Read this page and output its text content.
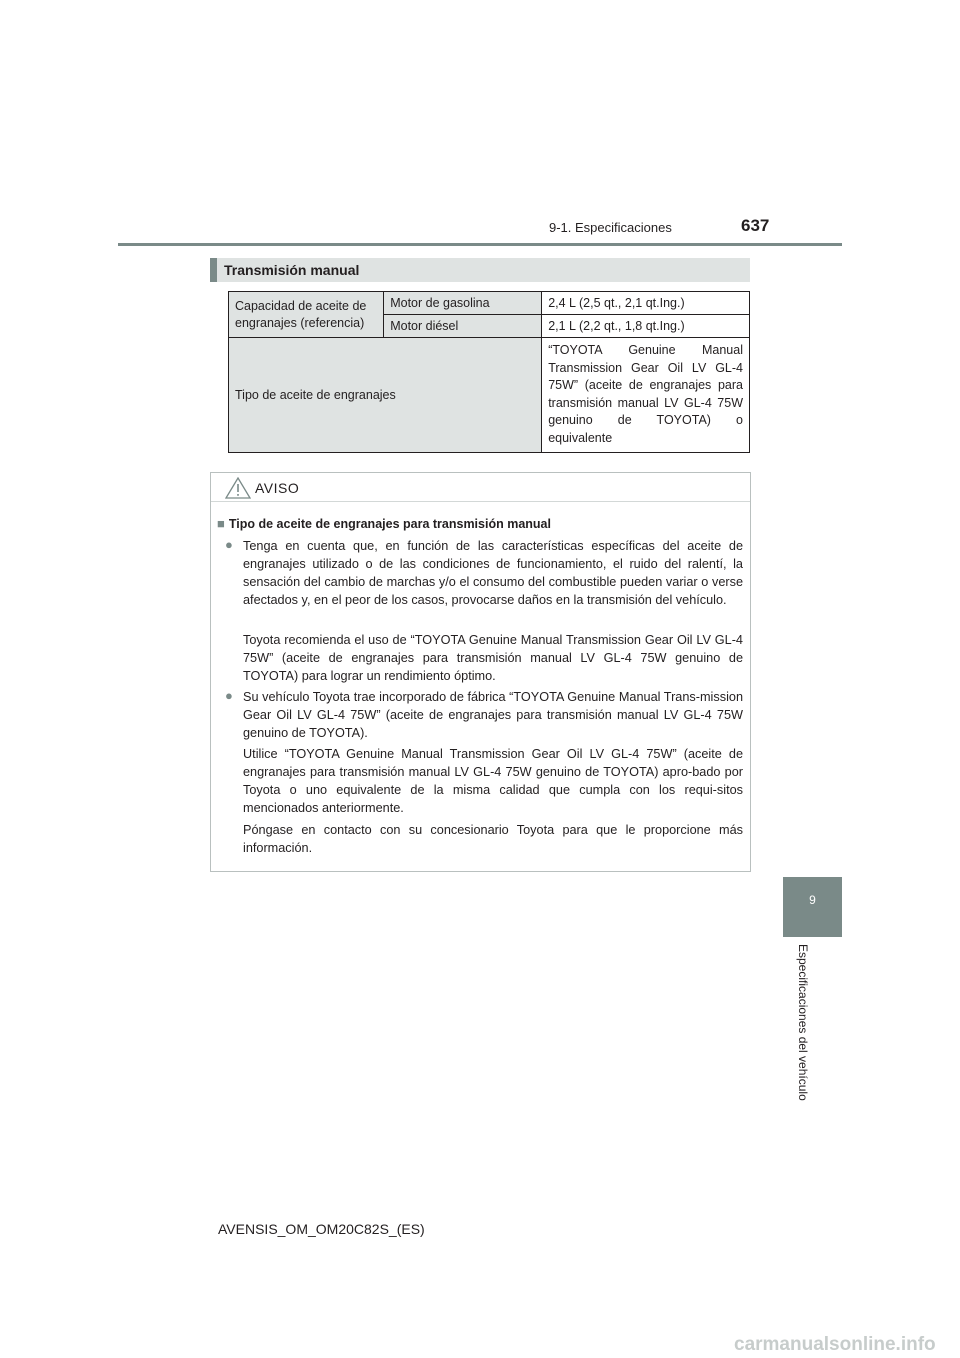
9-1. Especificaciones	637
9
Especificaciones del vehículo
Transmisión manual
Capacidad de aceite de engranajes (referencia)	Motor de gasolina	2,4 L (2,5 qt., 2,1 qt.Ing.)
	Motor diésel	2,1 L (2,2 qt., 1,8 qt.Ing.)
Tipo de aceite de engranajes		“TOYOTA Genuine Manual Transmission Gear Oil LV GL-4 75W” (aceite de engranajes para transmisión manual LV GL-4 75W genuino de TOYOTA) o equivalente
AVISO
■ Tipo de aceite de engranajes para transmisión manual
● Tenga en cuenta que, en función de las características específicas del aceite de engranajes utilizado o de las condiciones de funcionamiento, el ruido del ralentí, la sensación del cambio de marchas y/o el consumo del combustible pueden variar o verse afectados y, en el peor de los casos, provocarse daños en la transmisión del vehículo.
Toyota recomienda el uso de “TOYOTA Genuine Manual Transmission Gear Oil LV GL-4 75W” (aceite de engranajes para transmisión manual LV GL-4 75W genuino de TOYOTA) para lograr un rendimiento óptimo.
● Su vehículo Toyota trae incorporado de fábrica “TOYOTA Genuine Manual Trans-mission Gear Oil LV GL-4 75W” (aceite de engranajes para transmisión manual LV GL-4 75W genuino de TOYOTA).
Utilice “TOYOTA Genuine Manual Transmission Gear Oil LV GL-4 75W” (aceite de engranajes para transmisión manual LV GL-4 75W genuino de TOYOTA) apro-bado por Toyota o uno equivalente de la misma calidad que cumpla con los requi-sitos mencionados anteriormente.
Póngase en contacto con su concesionario Toyota para que le proporcione más información.
AVENSIS_OM_OM20C82S_(ES)
carmanualsonline.info
